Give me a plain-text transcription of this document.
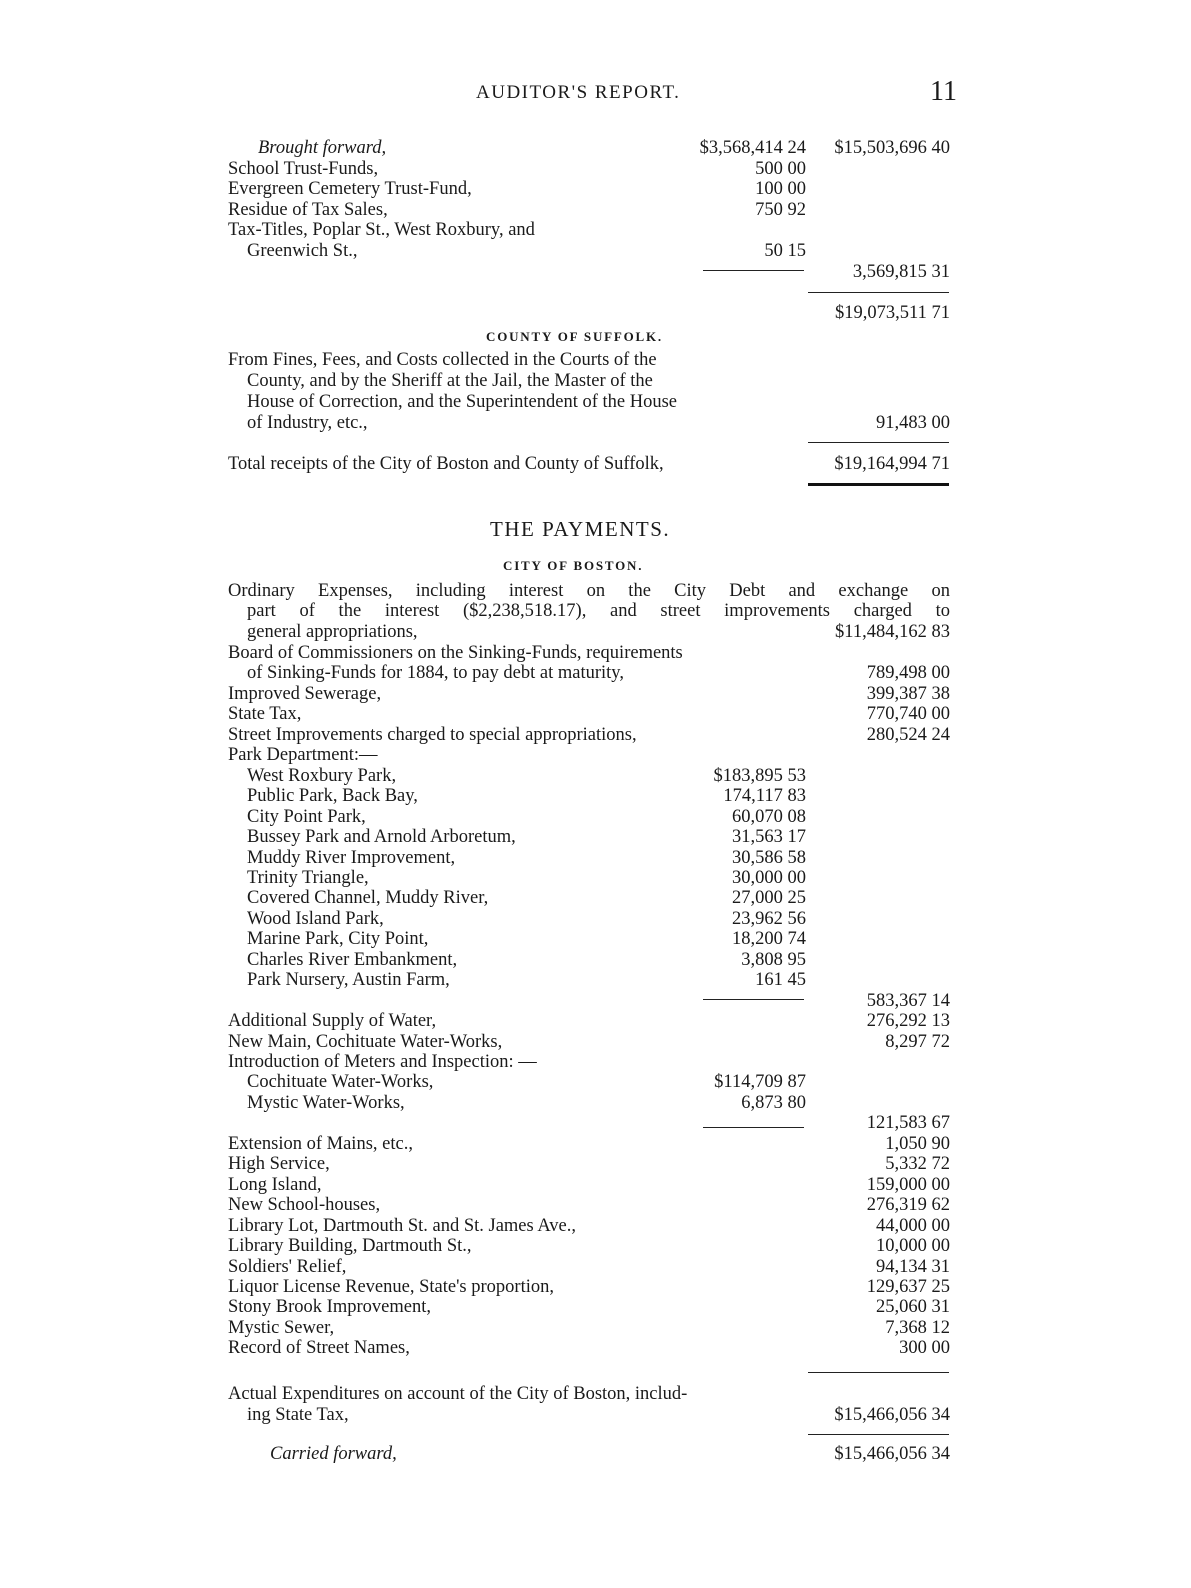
AUDITOR'S REPORT.	11
Brought forward,	$3,568,414 24 $15,503,696 40
School Trust-Funds,	500 00
Evergreen Cemetery Trust-Fund,	100 00
Residue of Tax Sales,	750 92
Tax-Titles, Poplar St., West Roxbury, and
Greenwich St.,	50 15
3,569,815 31
$19,073,511 71
COUNTY OF SUFFOLK.
From Fines, Fees, and Costs collected in the Courts of the
County, and by the Sheriff at the Jail, the Master of the
House of Correction, and the Superintendent of the House
of Industry, etc.,	91,483 00
Total receipts of the City of Boston and County of Suffolk,	$19,164,994 71
THE PAYMENTS.
CITY OF BOSTON.
Ordinary Expenses, including interest on the City Debt and exchange on
part of the interest ($2,238,518.17), and street improvements charged to
general appropriations,	$11,484,162 83
Board of Commissioners on the Sinking-Funds, requirements
of Sinking-Funds for 1884, to pay debt at maturity,	789,498 00
Improved Sewerage,	399,387 38
State Tax,	770,740 00
Street Improvements charged to special appropriations,	280,524 24
Park Department:—
West Roxbury Park,	$183,895 53
Public Park, Back Bay,	174,117 83
City Point Park,	60,070 08
Bussey Park and Arnold Arboretum,	31,563 17
Muddy River Improvement,	30,586 58
Trinity Triangle,	30,000 00
Covered Channel, Muddy River,	27,000 25
Wood Island Park,	23,962 56
Marine Park, City Point,	18,200 74
Charles River Embankment,	3,808 95
Park Nursery, Austin Farm,	161 45
583,367 14
Additional Supply of Water,	276,292 13
New Main, Cochituate Water-Works,	8,297 72
Introduction of Meters and Inspection: —
Cochituate Water-Works,	$114,709 87
Mystic Water-Works,	6,873 80
121,583 67
Extension of Mains, etc.,	1,050 90
High Service,	5,332 72
Long Island,	159,000 00
New School-houses,	276,319 62
Library Lot, Dartmouth St. and St. James Ave.,	44,000 00
Library Building, Dartmouth St.,	10,000 00
Soldiers' Relief,	94,134 31
Liquor License Revenue, State's proportion,	129,637 25
Stony Brook Improvement,	25,060 31
Mystic Sewer,	7,368 12
Record of Street Names,	300 00
Actual Expenditures on account of the City of Boston, includ-
ing State Tax,	$15,466,056 34
Carried forward,	$15,466,056 34
